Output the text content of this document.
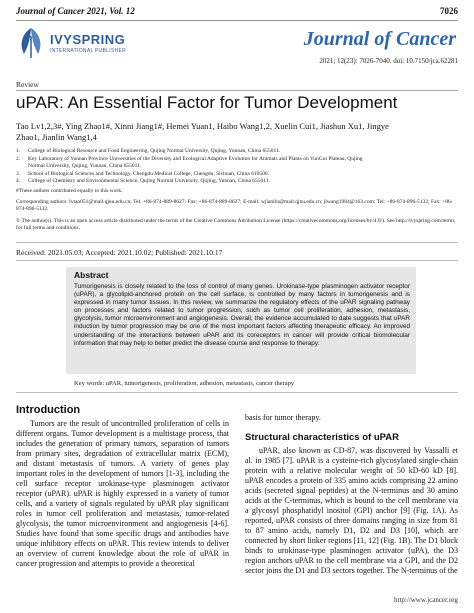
Journal of Cancer 2021, Vol. 12	7026
IVYSPRING
INTERNATIONAL PUBLISHER
Journal of Cancer
2021; 12(23): 7026-7040. doi: 10.7150/jca.62281
Review
uPAR: An Essential Factor for Tumor Development
Tao Lv1,2,3#, Ying Zhao1#, Xinni Jiang1#, Hemei Yuan1, Haibo Wang1,2, Xuelin Cui1, Jiashun Xu1, Jingye
Zhao1, Jianlin Wang1,4
1. College of Biological Resource and Food Engineering, Qujing Normal University, Qujing, Yunnan, China 655011.
2. Key Laboratory of Yunnan Province Universities of the Diversity and Ecological Adaptive Evolution for Animals and Plants on YunGui Plateau, Qujing
Normal University, Qujing, Yunnan, China 655011.
3. School of Biological Sciences and Technology, Chengdu Medical College, Chengdu, Sichuan, China 610500.
4. College of Chemistry and Environmental Science, Qujing Normal University, Qujing, Yunnan, China 655011.
#These authors contributed equally to this work.
Corresponding authors: lvtao051@mail.qjnu.edu.cn; Tel: +86-874-889-8627; Fax: +86-874-889-8627; E-mail: wjianlin@mail.qjnu.edu.cn; jlwang1984@163.com; Tel: +86-874-896-5132; Fax: +86-874-896-5132.
© The author(s). This is an open access article distributed under the terms of the Creative Commons Attribution License (https://creativecommons.org/licenses/by/4.0/). See http://ivyspring.com/terms for full terms and conditions.
Received: 2021.05.03; Accepted: 2021.10.02; Published: 2021.10.17
Abstract
Tumorigenesis is closely related to the loss of control of many genes. Urokinase-type plasminogen activator receptor (uPAR), a glycolipid-anchored protein on the cell surface, is controlled by many factors in tumorigenesis and is expressed in many tumor tissues. In this review, we summarize the regulatory effects of the uPAR signaling pathway on processes and factors related to tumor progression, such as tumor cell proliferation, adhesion, metastasis, glycolysis, tumor microenvironment and angiogenesis. Overall, the evidence accumulated to date suggests that uPAR induction by tumor progression may be one of the most important factors affecting therapeutic efficacy. An improved understanding of the interactions between uPAR and its coreceptors in cancer will provide critical biomolecular information that may help to better predict the disease course and response to therapy.
Key words: uPAR, tumorigenesis, proliferation, adhesion, metastasis, cancer therapy
Introduction
Tumors are the result of uncontrolled proliferation of cells in different organs. Tumor development is a multistage process, that includes the generation of primary tumors, separation of tumors from primary sites, degradation of extracellular matrix (ECM), and distant metastasis of tumors. A variety of genes play important roles in the development of tumors [1-3], including the cell surface receptor urokinase-type plasminogen activator receptor (uPAR). uPAR is highly expressed in a variety of tumor cells, and a variety of signals regulated by uPAR play significant roles in tumor cell proliferation and metastasis, tumor-related glycolysis, the tumor microenvironment and angiogenesis [4-6]. Studies have found that some specific drugs and antibodies have unique inhibitory effects on uPAR. This review intends to deliver an overview of current knowledge about the role of uPAR in cancer progression and attempts to provide a theoretical
basis for tumor therapy.
Structural characteristics of uPAR
uPAR, also known as CD-87, was discovered by Vassalli et al. in 1985 [7]. uPAR is a cysteine-rich glycosylated single-chain protein with a relative molecular weight of 50 kD-60 kD [8]. uPAR encodes a protein of 335 amino acids comprising 22 amino acids (secreted signal peptides) at the N-terminus and 30 amino acids at the C-terminus, which is bound to the cell membrane via a glycosyl phosphatidyl inositol (GPI) anchor [9] (Fig. 1A). As reported, uPAR consists of three domains ranging in size from 81 to 87 amino acids, namely D1, D2 and D3 [10], which are connected by short linker regions [11, 12] (Fig. 1B). The D1 block binds to urokinase-type plasminogen activator (uPA), the D3 region anchors uPAR to the cell membrane via a GPI, and the D2 sector joins the D1 and D3 sectors together. The N-terminus of the
http://www.jcancer.org
